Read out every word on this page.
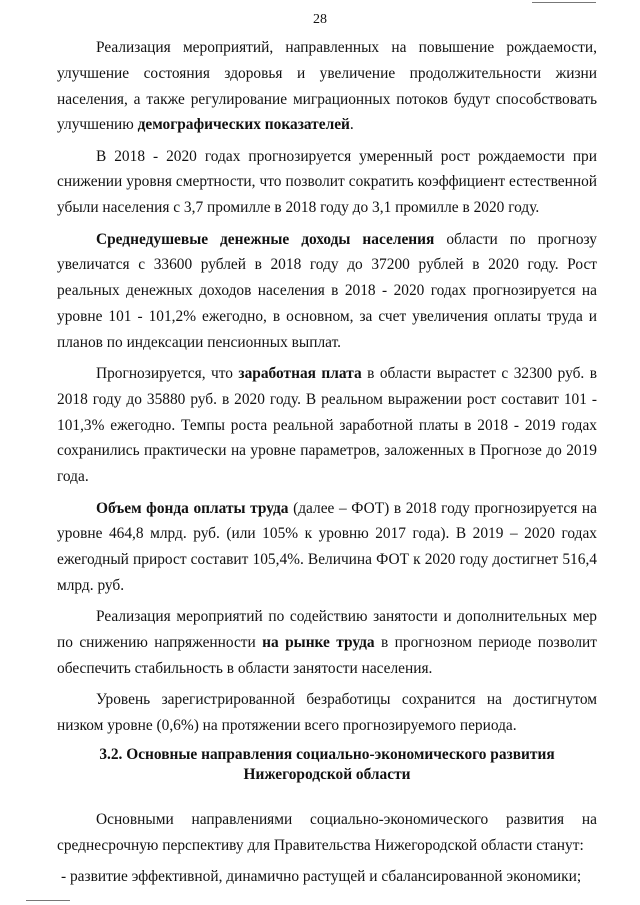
28

Реализация мероприятий, направленных на повышение рождаемости, улучшение состояния здоровья и увеличение продолжительности жизни населения, а также регулирование миграционных потоков будут способствовать улучшению демографических показателей.

В 2018 - 2020 годах прогнозируется умеренный рост рождаемости при снижении уровня смертности, что позволит сократить коэффициент естественной убыли населения с 3,7 промилле в 2018 году до 3,1 промилле в 2020 году.

Среднедушевые денежные доходы населения области по прогнозу увеличатся с 33600 рублей в 2018 году до 37200 рублей в 2020 году. Рост реальных денежных доходов населения в 2018 - 2020 годах прогнозируется на уровне 101 - 101,2% ежегодно, в основном, за счет увеличения оплаты труда и планов по индексации пенсионных выплат.

Прогнозируется, что заработная плата в области вырастет с 32300 руб. в 2018 году до 35880 руб. в 2020 году. В реальном выражении рост составит 101 - 101,3% ежегодно. Темпы роста реальной заработной платы в 2018 - 2019 годах сохранились практически на уровне параметров, заложенных в Прогнозе до 2019 года.

Объем фонда оплаты труда (далее – ФОТ) в 2018 году прогнозируется на уровне 464,8 млрд. руб. (или 105% к уровню 2017 года). В 2019 – 2020 годах ежегодный прирост составит 105,4%. Величина ФОТ к 2020 году достигнет 516,4 млрд. руб.

Реализация мероприятий по содействию занятости и дополнительных мер по снижению напряженности на рынке труда в прогнозном периоде позволит обеспечить стабильность в области занятости населения.

Уровень зарегистрированной безработицы сохранится на достигнутом низком уровне (0,6%) на протяжении всего прогнозируемого периода.

3.2. Основные направления социально-экономического развития
Нижегородской области

Основными направлениями социально-экономического развития на среднесрочную перспективу для Правительства Нижегородской области станут:

- развитие эффективной, динамично растущей и сбалансированной экономики;
